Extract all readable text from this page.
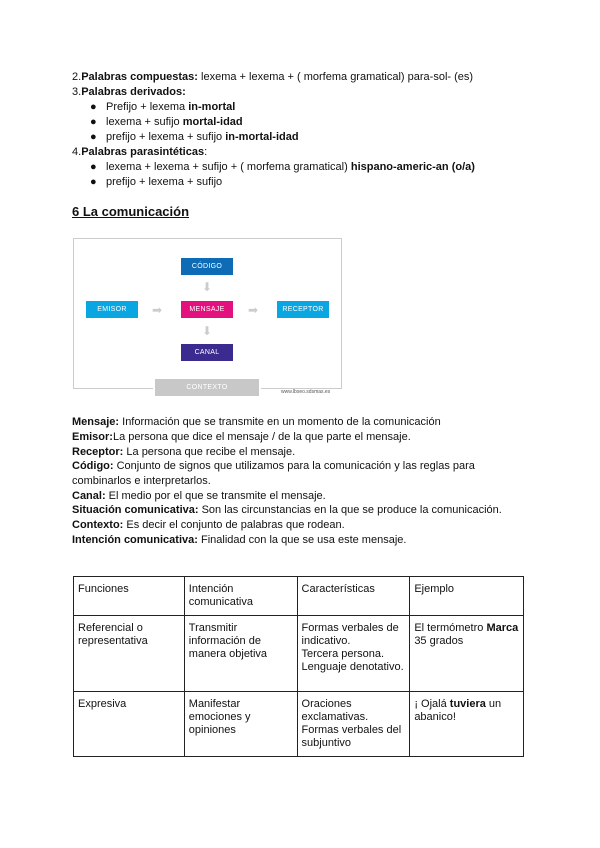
2.Palabras compuestas: lexema + lexema + ( morfema gramatical) para-sol- (es)
3.Palabras derivados:
● Prefijo + lexema in-mortal
● lexema + sufijo mortal-idad
● prefijo + lexema + sufijo in-mortal-idad
4.Palabras parasintéticas:
● lexema + lexema + sufijo + ( morfema gramatical) hispano-americ-an (o/a)
● prefijo + lexema + sufijo
6 La comunicación
CÓDIGO
EMISOR	MENSAJE	RECEPTOR
CANAL
CONTEXTO
⬇
⬇
➡	➡
www.lbseo.sdsmas.es
Mensaje: Información que se transmite en un momento de la comunicación
Emisor:La persona que dice el mensaje / de la que parte el mensaje.
Receptor: La persona que recibe el mensaje.
Código: Conjunto de signos que utilizamos para la comunicación y las reglas para
combinarlos e interpretarlos.
Canal: El medio por el que se transmite el mensaje.
Situación comunicativa: Son las circunstancias en la que se produce la comunicación.
Contexto: Es decir el conjunto de palabras que rodean.
Intención comunicativa: Finalidad con la que se usa este mensaje.
Funciones	Intención comunicativa	Características	Ejemplo
Referencial o representativa	Transmitir información de manera objetiva	Formas verbales de indicativo.
Tercera persona.
Lenguaje denotativo.	El termómetro Marca 35 grados
Expresiva	Manifestar emociones y opiniones	Oraciones exclamativas.
Formas verbales del subjuntivo	¡ Ojalá tuviera un abanico!
